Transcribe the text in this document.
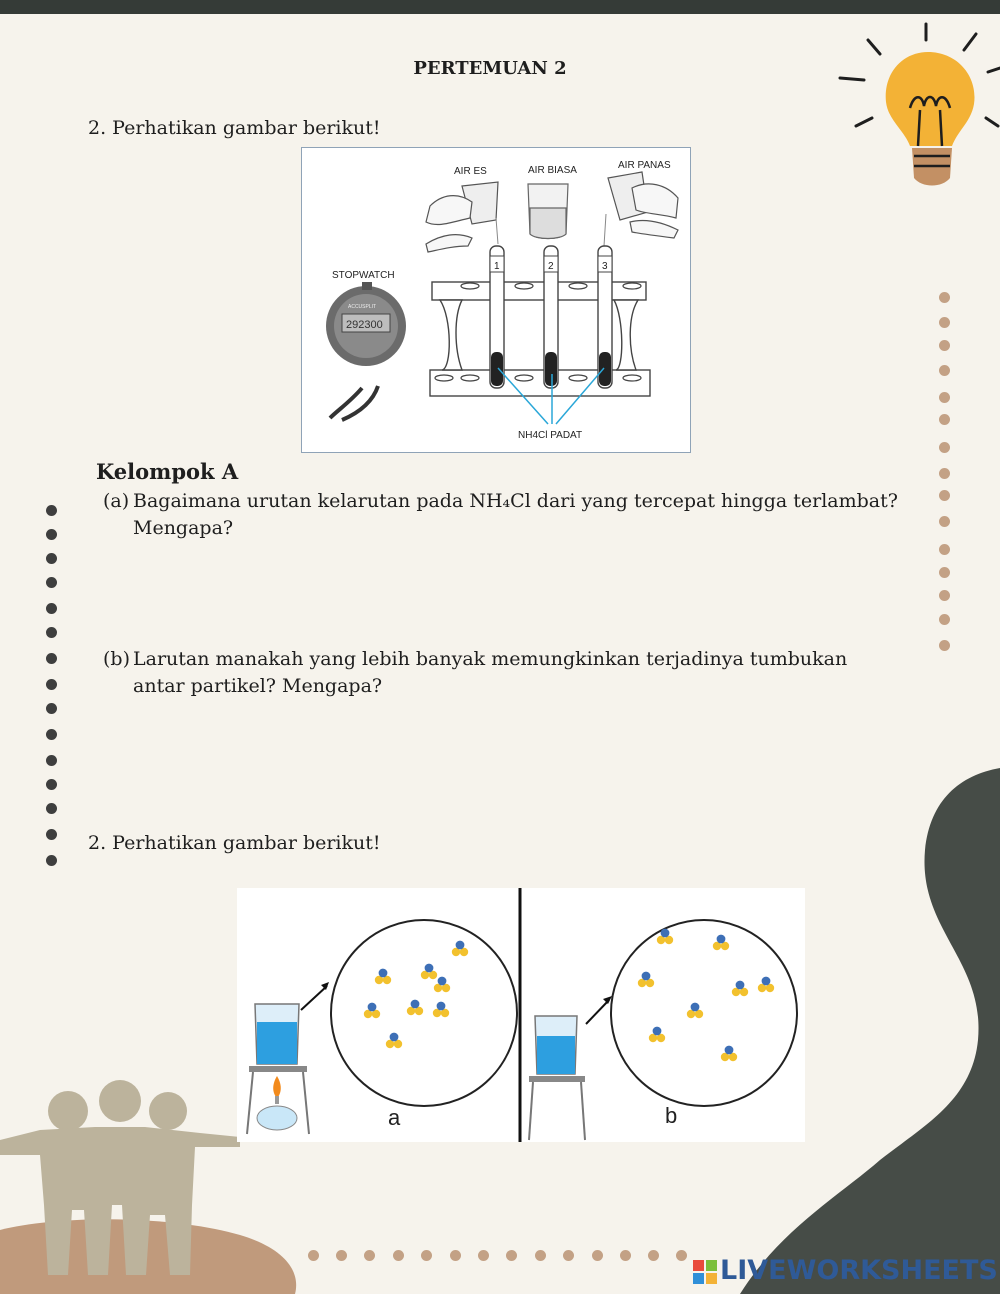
PERTEMUAN 2
2. Perhatikan gambar berikut!
AIR ES	AIR BIASA	AIR PANAS
STOPWATCH
292300
ACCUSPLIT
1	2	3
NH4Cl PADAT
Kelompok A
(a) Bagaimana urutan kelarutan pada NH₄Cl dari yang tercepat hingga terlambat? Mengapa?
(b) Larutan manakah yang lebih banyak memungkinkan terjadinya tumbukan antar partikel? Mengapa?
2. Perhatikan gambar berikut!
a	b
LIVEWORKSHEETS
